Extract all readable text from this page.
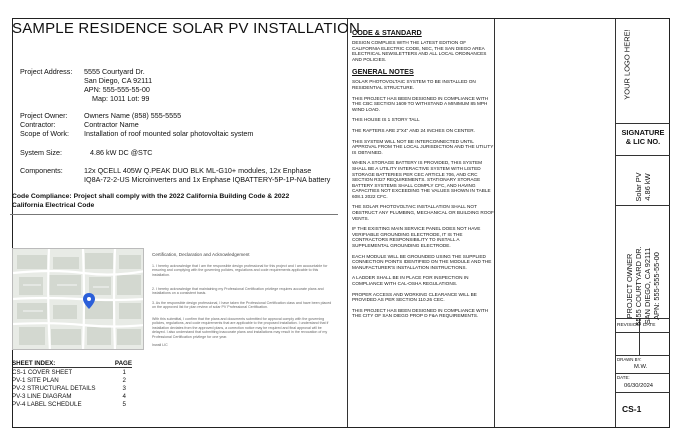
SAMPLE RESIDENCE SOLAR PV INSTALLATION
Project Address: 5555 Courtyard Dr.
San Diego, CA 92111
APN: 555-555-55-00
Map: 1011 Lot: 99
Project Owner: Owners Name (858) 555-5555
Contractor:	Contractor Name
Scope of Work: Installation of roof mounted solar photovoltaic system
System Size:	4.86 kW DC @STC
Components:	12x QCELL 405W Q.PEAK DUO BLK ML-G10+ modules, 12x Enphase
IQ8A-72-2-US Microinverters and 1x Enphase IQBATTERY-5P-1P-NA battery
Code Compliance: Project shall comply with the 2022 California Building Code & 2022 California Electrical Code
Certification, Declaration and Acknowledgement
1. I hereby acknowledge that I am the responsible design professional for this project and I am accountable for ensuring and complying with the governing policies, regulations and code requirements applicable to this installation.
2. I hereby acknowledge that maintaining my Professional Certification privilege requires accurate plans and installations on a consistent basis.
3. As the responsible design professional, I have taken the Professional Certification class and have been placed on the approved list for plan review of solar PV Professional Certification.
With this submittal, I confirm that the plans and documents submitted for approval comply with the governing policies, regulations, and code requirements that are applicable to the proposed installation. I understand that if installation deviates from the approved plans, a correction notice may be required and final approval will be delayed. I also understand that submitting inaccurate plans and installations may result in the revocation of my Professional Certification privilege for one year.
Inwali LIC
SHEET INDEX:	PAGE
CS-1 COVER SHEET	1
PV-1 SITE PLAN	2
PV-2 STRUCTURAL DETAILS	3
PV-3 LINE DIAGRAM	4
PV-4 LABEL SCHEDULE	5
CODE & STANDARD
DESIGN COMPLIES WITH THE LATEST EDITION OF CALIFORNIA ELECTRIC CODE, NEC, THE SAN DIEGO AREA ELECTRICAL NEWSLETTERS AND ALL LOCAL ORDINANCES AND POLICIES.
GENERAL NOTES
SOLAR PHOTOVOLTAIC SYSTEM TO BE INSTALLED ON RESIDENTIAL STRUCTURE.
THIS PROJECT HAS BEEN DESIGNED IN COMPLIANCE WITH THE CBC SECTION 1609 TO WITHSTAND A MINIMUM 85 MPH WIND LOAD.
THIS HOUSE IS 1 STORY TALL
THE RAFTERS ARE 2"X4" AND 24 INCHES ON CENTER.
THIS SYSTEM WILL NOT BE INTERCONNECTED UNTIL APPROVAL FROM THE LOCAL JURISDICTION AND THE UTILITY IS OBTAINED.
WHEN A STORAGE BATTERY IS PROVIDED, THIS SYSTEM SHALL BE A UTILITY INTERACTIVE SYSTEM WITH LISTED STORAGE BATTERIES PER CEC ARTICLE 706, AND CRC SECTION R327 REQUIREMENTS. STATIONARY STORAGE BATTERY SYSTEMS SHALL COMPLY CFC, AND HAVING CAPACITIES NOT EXCEEDING THE VALUES SHOWN IN TABLE 608.1 2022 CFC.
THE SOLAR PHOTOVOLTAIC INSTALLATION SHALL NOT OBSTRUCT ANY PLUMBING, MECHANICAL OR BUILDING ROOF VENTS.
IF THE EXISTING MAIN SERVICE PANEL DOES NOT HAVE VERIFIABLE GROUNDING ELECTRODE, IT IS THE CONTRACTORS RESPONSIBILITY TO INSTALL A SUPPLEMENTAL GROUNDING ELECTRODE.
EACH MODULE WILL BE GROUNDED USING THE SUPPLIED CONNECTION POINTS IDENTIFIED ON THE MODULE AND THE MANUFACTURER'S INSTALLATION INSTRUCTIONS.
A LADDER SHALL BE IN PLACE FOR INSPECTION IN COMPLIANCE WITH CAL-OSHA REGULATIONS.
PROPER ACCESS AND WORKING CLEARANCE WILL BE PROVIDED AS PER SECTION 110.26 CEC.
THIS PROJECT HAS BEEN DESIGNED IN COMPLIANCE WITH THE CITY OF SAN DIEGO PROP D F&A REQUIREMENTS.
YOUR LOGO HERE!
SIGNATURE
& LIC NO.
Solar PV 4.86 kW
PROJECT OWNER 5555 COURTYARD DR. SAN DIEGO, CA 92111 APN: 555-555-55-00
REVISION DATE
DRAWN BY:
M.W.
DATE:
06/30/2024
CS-1
